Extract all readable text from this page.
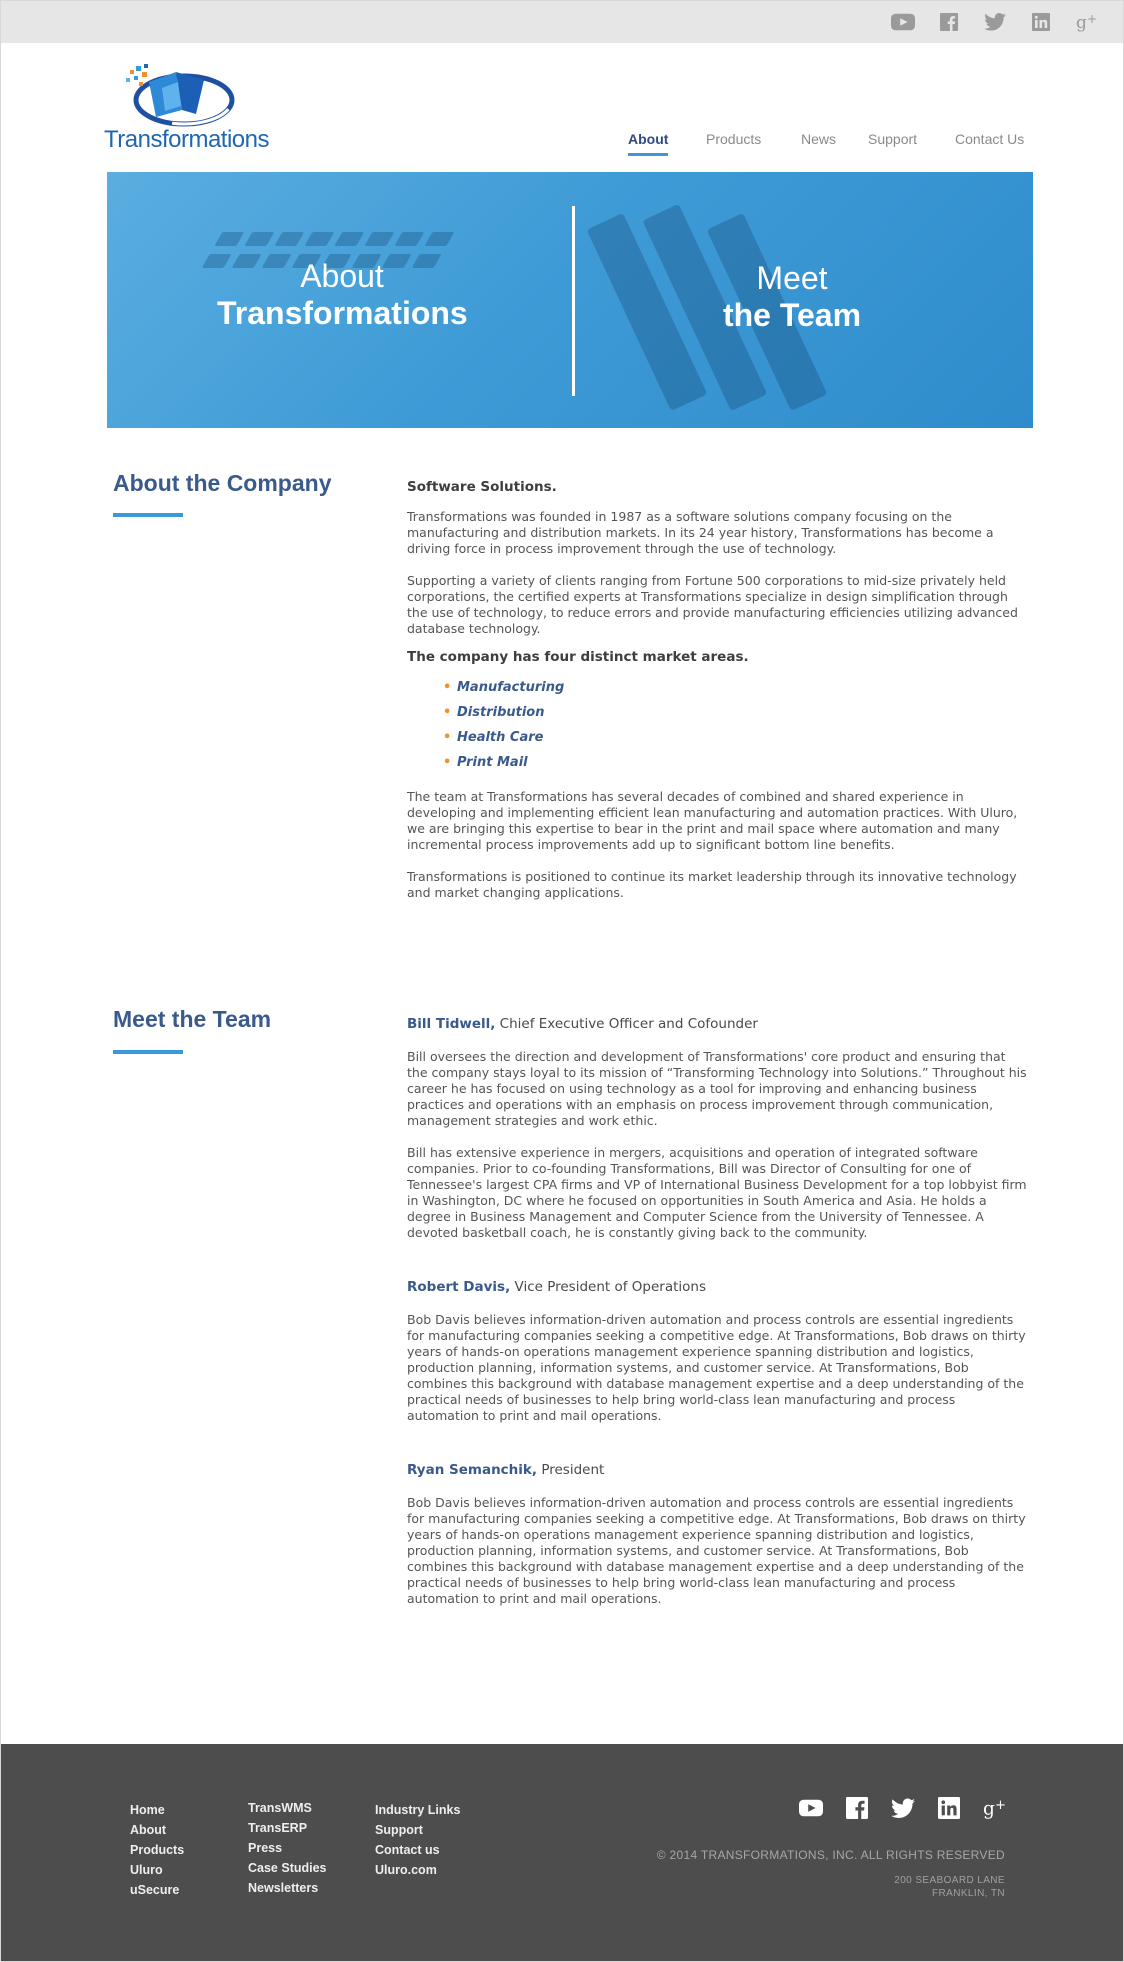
g +
Transformations	About	Products	News Support	Contact Us
About
Transformations
Meet
the Team
About the Company	Software Solutions.

Transformations was founded in 1987 as a software solutions company focusing on the manufacturing and distribution markets. In its 24 year history, Transformations has become a driving force in process improvement through the use of technology.

Supporting a variety of clients ranging from Fortune 500 corporations to mid-size privately held corporations, the certified experts at Transformations specialize in design simplification through the use of technology, to reduce errors and provide manufacturing efficiencies utilizing advanced database technology.

The company has four distinct market areas.

• Manufacturing
• Distribution
• Health Care
• Print Mail

The team at Transformations has several decades of combined and shared experience in developing and implementing efficient lean manufacturing and automation practices. With Uluro, we are bringing this expertise to bear in the print and mail space where automation and many incremental process improvements add up to significant bottom line benefits.

Transformations is positioned to continue its market leadership through its innovative technology and market changing applications.

Meet the Team	Bill Tidwell, Chief Executive Officer and Cofounder

Bill oversees the direction and development of Transformations' core product and ensuring that the company stays loyal to its mission of “Transforming Technology into Solutions.” Throughout his career he has focused on using technology as a tool for improving and enhancing business practices and operations with an emphasis on process improvement through communication, management strategies and work ethic.

Bill has extensive experience in mergers, acquisitions and operation of integrated software companies. Prior to co-founding Transformations, Bill was Director of Consulting for one of Tennessee's largest CPA firms and VP of International Business Development for a top lobbyist firm in Washington, DC where he focused on opportunities in South America and Asia. He holds a degree in Business Management and Computer Science from the University of Tennessee. A devoted basketball coach, he is constantly giving back to the community.

Robert Davis, Vice President of Operations

Bob Davis believes information-driven automation and process controls are essential ingredients for manufacturing companies seeking a competitive edge. At Transformations, Bob draws on thirty years of hands-on operations management experience spanning distribution and logistics, production planning, information systems, and customer service. At Transformations, Bob combines this background with database management expertise and a deep understanding of the practical needs of businesses to help bring world-class lean manufacturing and process automation to print and mail operations.

Ryan Semanchik, President

Bob Davis believes information-driven automation and process controls are essential ingredients for manufacturing companies seeking a competitive edge. At Transformations, Bob draws on thirty years of hands-on operations management experience spanning distribution and logistics, production planning, information systems, and customer service. At Transformations, Bob combines this background with database management expertise and a deep understanding of the practical needs of businesses to help bring world-class lean manufacturing and process automation to print and mail operations.

Home
About
Products
Uluro
uSecure
TransWMS
TransERP
Press
Case Studies
Newsletters
Industry Links
Support
Contact us
Uluro.com
g +
© 2014 TRANSFORMATIONS, INC. ALL RIGHTS RESERVED
200 SEABOARD LANE
FRANKLIN, TN
